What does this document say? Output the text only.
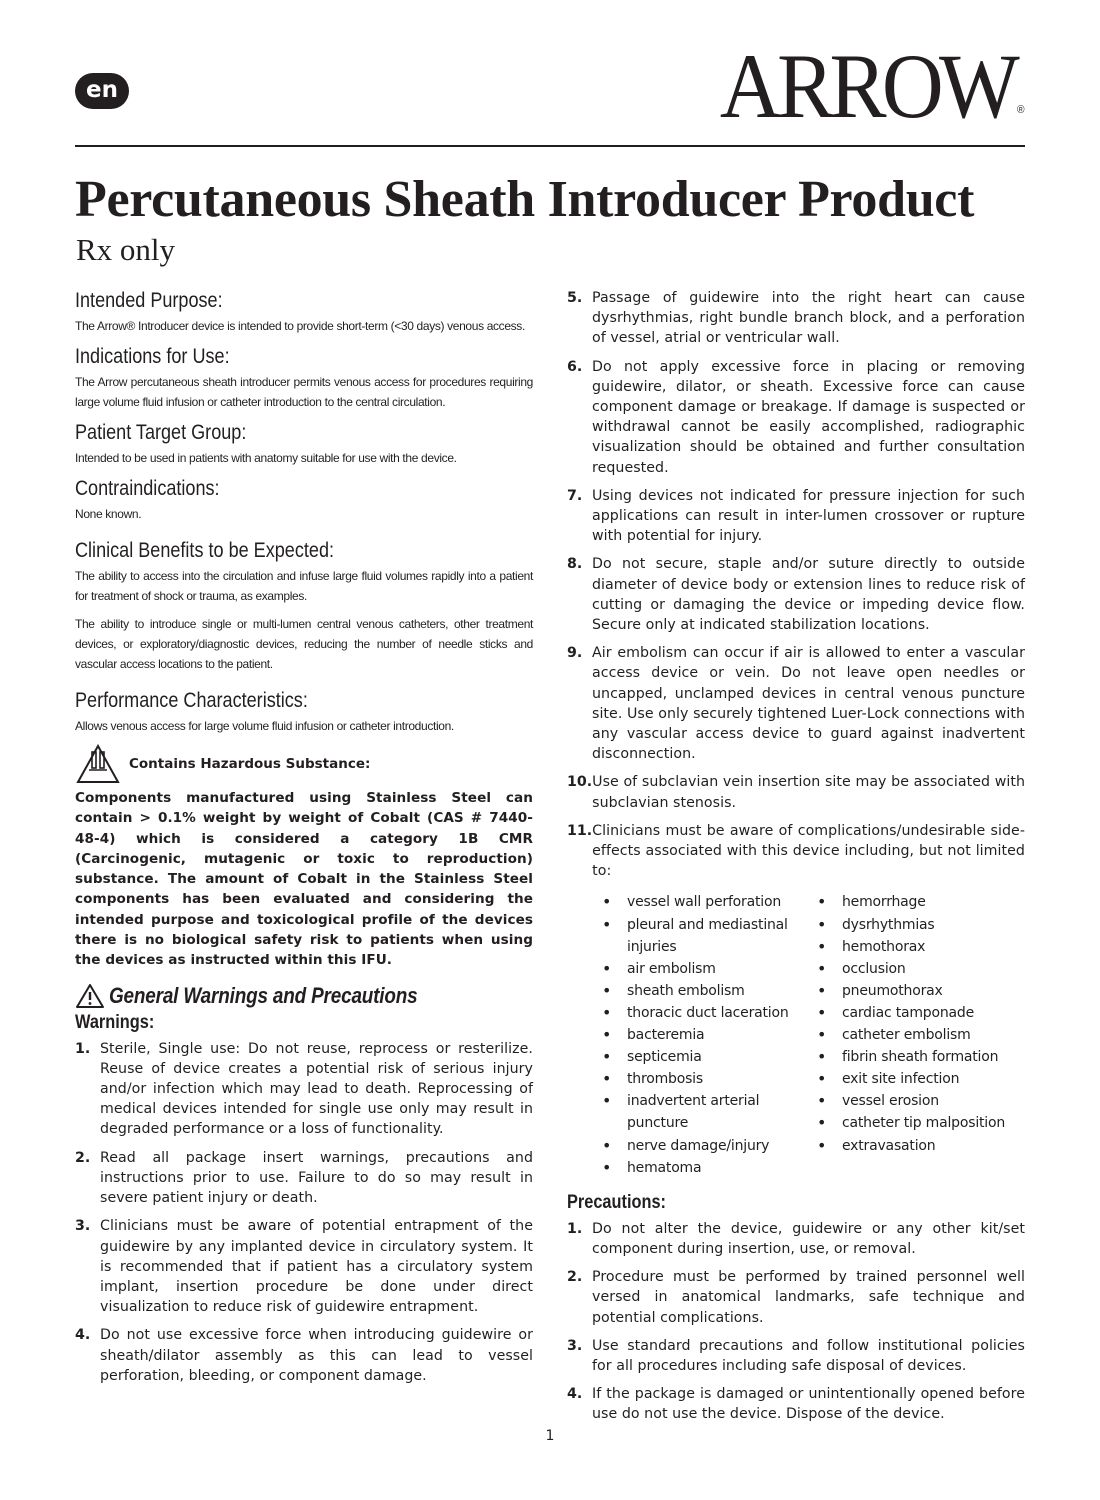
en	ARROW ®
Percutaneous Sheath Introducer Product
Rx only
Intended Purpose:

The Arrow® Introducer device is intended to provide short-term (<30 days) venous access.

Indications for Use:

The Arrow percutaneous sheath introducer permits venous access for procedures requiring large volume fluid infusion or catheter introduction to the central circulation.

Patient Target Group:

Intended to be used in patients with anatomy suitable for use with the device.

Contraindications:

None known.

Clinical Benefits to be Expected:

The ability to access into the circulation and infuse large fluid volumes rapidly into a patient for treatment of shock or trauma, as examples.

The ability to introduce single or multi-lumen central venous catheters, other treatment devices, or exploratory/diagnostic devices, reducing the number of needle sticks and vascular access locations to the patient.

Performance Characteristics:

Allows venous access for large volume fluid infusion or catheter introduction.

Contains Hazardous Substance:

Components manufactured using Stainless Steel can contain > 0.1% weight by weight of Cobalt (CAS # 7440-48-4) which is considered a category 1B CMR (Carcinogenic, mutagenic or toxic to reproduction) substance. The amount of Cobalt in the Stainless Steel components has been evaluated and considering the intended purpose and toxicological profile of the devices there is no biological safety risk to patients when using the devices as instructed within this IFU.

General Warnings and Precautions
Warnings:
1. Sterile, Single use: Do not reuse, reprocess or resterilize. Reuse of device creates a potential risk of serious injury and/or infection which may lead to death. Reprocessing of medical devices intended for single use only may result in degraded performance or a loss of functionality.
2. Read all package insert warnings, precautions and instructions prior to use. Failure to do so may result in severe patient injury or death.
3. Clinicians must be aware of potential entrapment of the guidewire by any implanted device in circulatory system. It is recommended that if patient has a circulatory system implant, insertion procedure be done under direct visualization to reduce risk of guidewire entrapment.
4. Do not use excessive force when introducing guidewire or sheath/dilator assembly as this can lead to vessel perforation, bleeding, or component damage.
5. Passage of guidewire into the right heart can cause dysrhythmias, right bundle branch block, and a perforation of vessel, atrial or ventricular wall.
6. Do not apply excessive force in placing or removing guidewire, dilator, or sheath. Excessive force can cause component damage or breakage. If damage is suspected or withdrawal cannot be easily accomplished, radiographic visualization should be obtained and further consultation requested.
7. Using devices not indicated for pressure injection for such applications can result in inter-lumen crossover or rupture with potential for injury.
8. Do not secure, staple and/or suture directly to outside diameter of device body or extension lines to reduce risk of cutting or damaging the device or impeding device flow. Secure only at indicated stabilization locations.
9. Air embolism can occur if air is allowed to enter a vascular access device or vein. Do not leave open needles or uncapped, unclamped devices in central venous puncture site. Use only securely tightened Luer-Lock connections with any vascular access device to guard against inadvertent disconnection.
10. Use of subclavian vein insertion site may be associated with subclavian stenosis.
11. Clinicians must be aware of complications/undesirable side-effects associated with this device including, but not limited to:
• vessel wall perforation
• pleural and mediastinal injuries
• air embolism
• sheath embolism
• thoracic duct laceration
• bacteremia
• septicemia
• thrombosis
• inadvertent arterial puncture
• nerve damage/injury
• hematoma
• hemorrhage
• dysrhythmias
• hemothorax
• occlusion
• pneumothorax
• cardiac tamponade
• catheter embolism
• fibrin sheath formation
• exit site infection
• vessel erosion
• catheter tip malposition
• extravasation
Precautions:
1. Do not alter the device, guidewire or any other kit/set component during insertion, use, or removal.
2. Procedure must be performed by trained personnel well versed in anatomical landmarks, safe technique and potential complications.
3. Use standard precautions and follow institutional policies for all procedures including safe disposal of devices.
4. If the package is damaged or unintentionally opened before use do not use the device. Dispose of the device.
1
